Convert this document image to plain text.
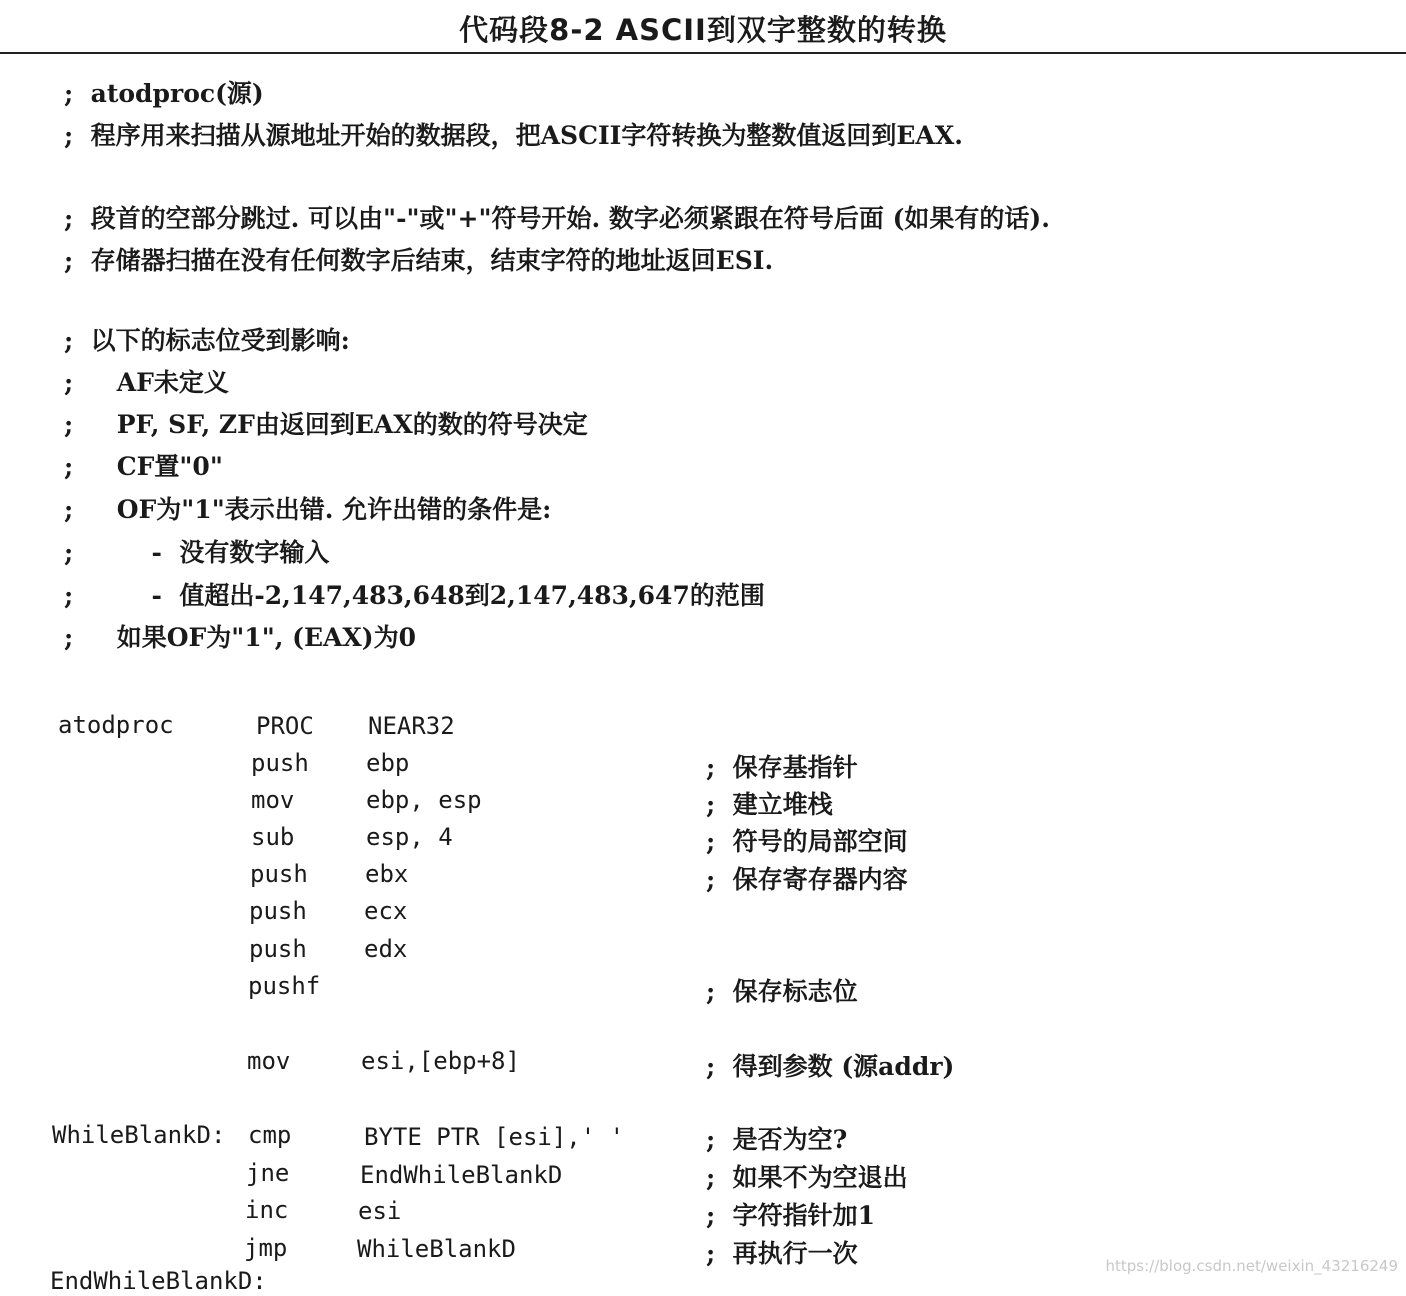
代码段8-2 ASCII到双字整数的转换
;  atodproc(源)
;  程序用来扫描从源地址开始的数据段，把ASCII字符转换为整数值返回到EAX.
;  段首的空部分跳过. 可以由"-"或"+"符号开始. 数字必须紧跟在符号后面 (如果有的话).
;  存储器扫描在没有任何数字后结束，结束字符的地址返回ESI.
;  以下的标志位受到影响:
;     AF未定义
;     PF, SF, ZF由返回到EAX的数的符号决定
;     CF置"0"
;     OF为"1"表示出错. 允许出错的条件是:
;         -  没有数字输入
;         -  值超出-2,147,483,648到2,147,483,647的范围
;     如果OF为"1", (EAX)为0
atodproc	PROC NEAR32
push ebp	;  保存基指针
mov	ebp, esp	;  建立堆栈
sub	esp, 4	;  符号的局部空间
push ebx	;  保存寄存器内容
push ecx
push edx
pushf	;  保存标志位
mov	esi,[ebp+8]	;  得到参数 (源addr)
WhileBlankD: cmp	BYTE PTR [esi],' '	;  是否为空?
jne	EndWhileBlankD	;  如果不为空退出
inc	esi	;  字符指针加1
jmp	WhileBlankD	;  再执行一次
EndWhileBlankD:
https://blog.csdn.net/weixin_43216249
